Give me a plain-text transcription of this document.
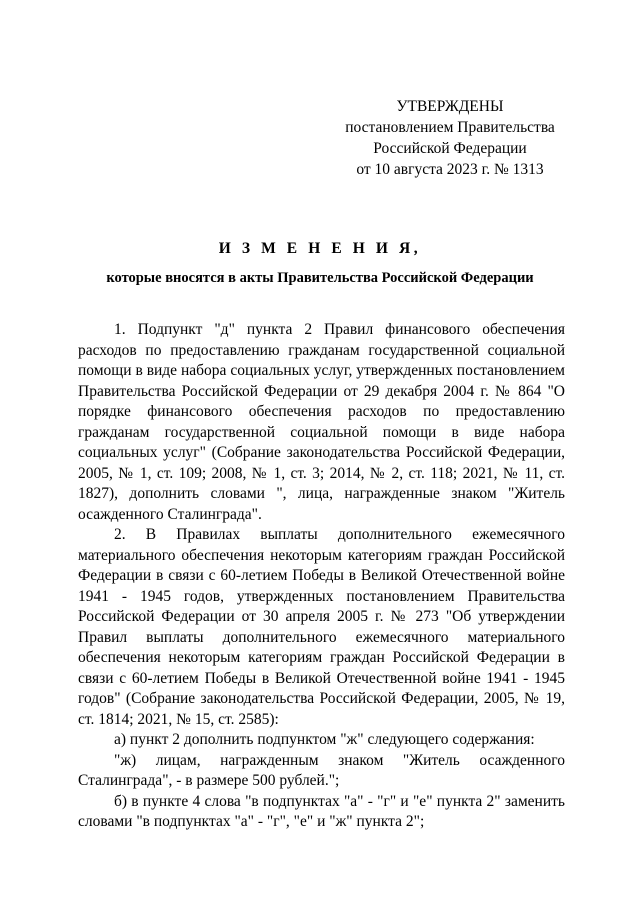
УТВЕРЖДЕНЫ
постановлением Правительства
Российской Федерации
от 10 августа 2023 г. № 1313
И З М Е Н Е Н И Я,
которые вносятся в акты Правительства Российской Федерации

1. Подпункт "д" пункта 2 Правил финансового обеспечения расходов по предоставлению гражданам государственной социальной помощи в виде набора социальных услуг, утвержденных постановлением Правительства Российской Федерации от 29 декабря 2004 г. № 864 "О порядке финансового обеспечения расходов по предоставлению гражданам государственной социальной помощи в виде набора социальных услуг" (Собрание законодательства Российской Федерации, 2005, № 1, ст. 109; 2008, № 1, ст. 3; 2014, № 2, ст. 118; 2021, № 11, ст. 1827), дополнить словами ", лица, награжденные знаком "Житель осажденного Сталинграда".

2. В Правилах выплаты дополнительного ежемесячного материального обеспечения некоторым категориям граждан Российской Федерации в связи с 60-летием Победы в Великой Отечественной войне 1941 - 1945 годов, утвержденных постановлением Правительства Российской Федерации от 30 апреля 2005 г. № 273 "Об утверждении Правил выплаты дополнительного ежемесячного материального обеспечения некоторым категориям граждан Российской Федерации в связи с 60-летием Победы в Великой Отечественной войне 1941 - 1945 годов" (Собрание законодательства Российской Федерации, 2005, № 19, ст. 1814; 2021, № 15, ст. 2585):

а) пункт 2 дополнить подпунктом "ж" следующего содержания:

"ж) лицам, награжденным знаком "Житель осажденного Сталинграда", - в размере 500 рублей.";

б) в пункте 4 слова "в подпунктах "а" - "г" и "е" пункта 2" заменить словами "в подпунктах "а" - "г", "е" и "ж" пункта 2";
